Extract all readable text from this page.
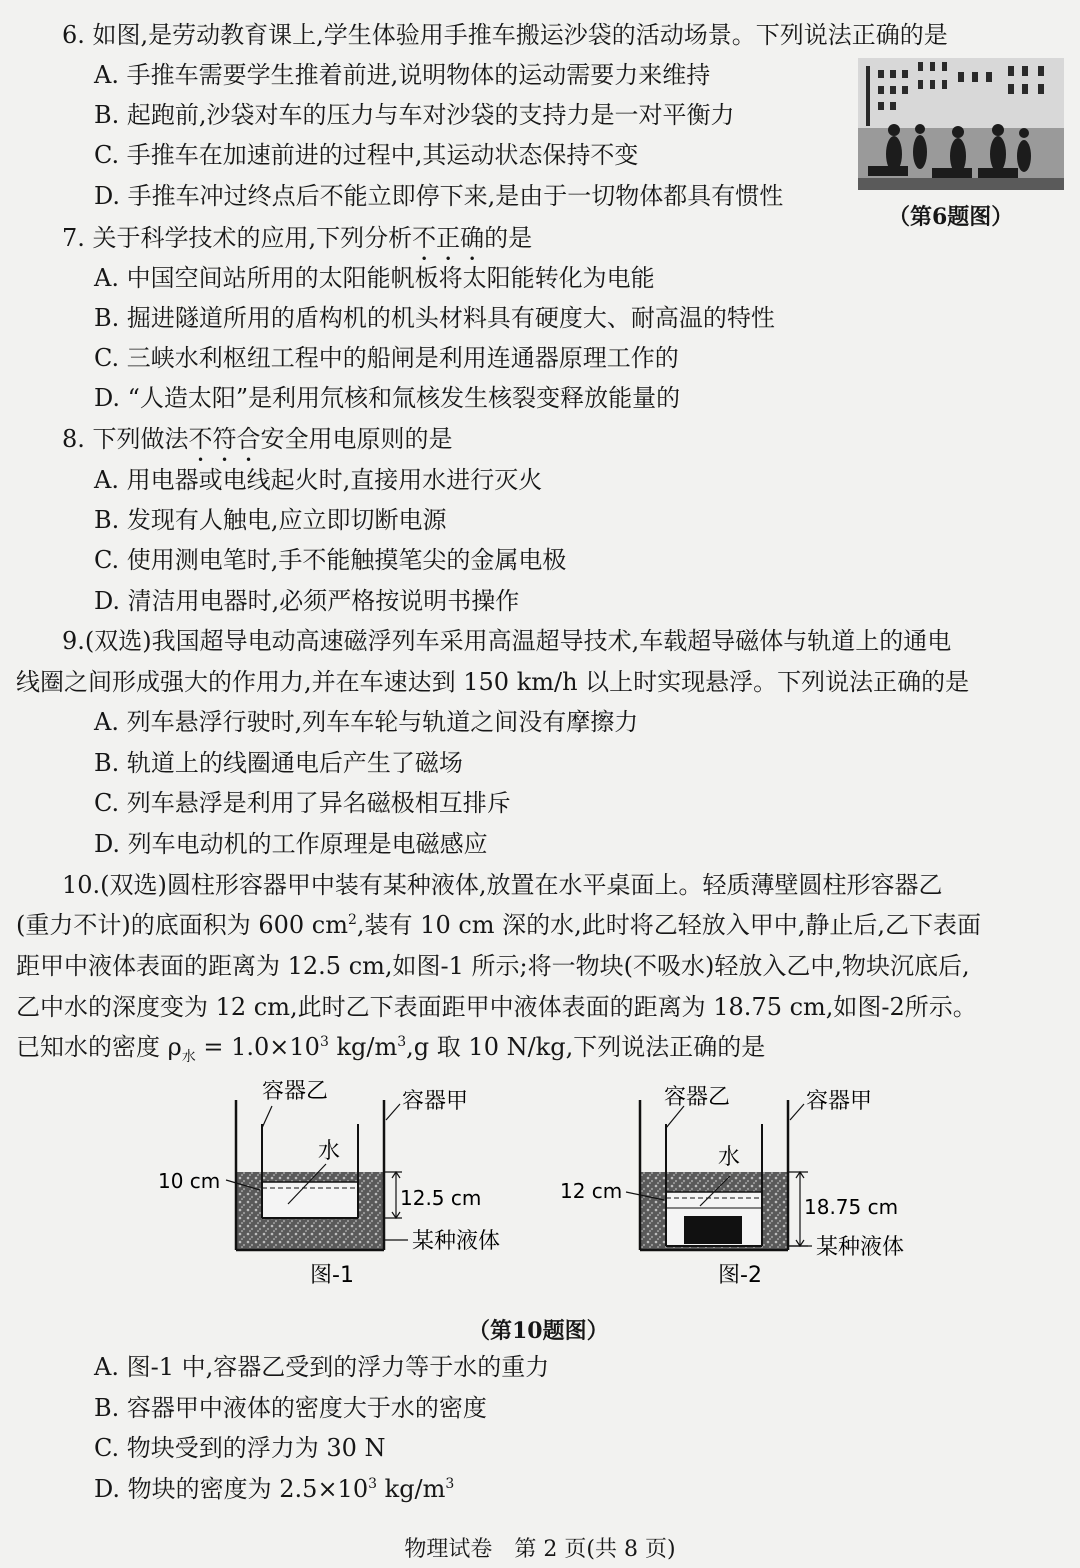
6. 如图,是劳动教育课上,学生体验用手推车搬运沙袋的活动场景。下列说法正确的是
A. 手推车需要学生推着前进,说明物体的运动需要力来维持
B. 起跑前,沙袋对车的压力与车对沙袋的支持力是一对平衡力
C. 手推车在加速前进的过程中,其运动状态保持不变
D. 手推车冲过终点后不能立即停下来,是由于一切物体都具有惯性
（第6题图）
7. 关于科学技术的应用,下列分析不正确的是
A. 中国空间站所用的太阳能帆板将太阳能转化为电能
B. 掘进隧道所用的盾构机的机头材料具有硬度大、耐高温的特性
C. 三峡水利枢纽工程中的船闸是利用连通器原理工作的
D. “人造太阳”是利用氘核和氚核发生核裂变释放能量的
8. 下列做法不符合安全用电原则的是
A. 用电器或电线起火时,直接用水进行灭火
B. 发现有人触电,应立即切断电源
C. 使用测电笔时,手不能触摸笔尖的金属电极
D. 清洁用电器时,必须严格按说明书操作
9.(双选)我国超导电动高速磁浮列车采用高温超导技术,车载超导磁体与轨道上的通电
线圈之间形成强大的作用力,并在车速达到 150 km/h 以上时实现悬浮。下列说法正确的是
A. 列车悬浮行驶时,列车车轮与轨道之间没有摩擦力
B. 轨道上的线圈通电后产生了磁场
C. 列车悬浮是利用了异名磁极相互排斥
D. 列车电动机的工作原理是电磁感应
10.(双选)圆柱形容器甲中装有某种液体,放置在水平桌面上。轻质薄壁圆柱形容器乙
(重力不计)的底面积为 600 $cm^2$,装有 10 cm 深的水,此时将乙轻放入甲中,静止后,乙下表面
距甲中液体表面的距离为 12.5 cm,如图-1 所示;将一物块(不吸水)轻放入乙中,物块沉底后,
乙中水的深度变为 12 cm,此时乙下表面距甲中液体表面的距离为 18.75 cm,如图-2所示。
已知水的密度 $\rho_水 = 1.0\times 10^3$ $kg/m^3,g$ 取 10 N/kg,下列说法正确的是
容器乙	容器甲
水
10 cm
12.5 cm
某种液体
图-1
容器乙	容器甲
水
12 cm
18.75 cm
某种液体
图-2
（第10题图）
A. 图-1 中,容器乙受到的浮力等于水的重力
B. 容器甲中液体的密度大于水的密度
C. 物块受到的浮力为 30 N
D. 物块的密度为 $2.5\times 10^3$ $kg/m^3$
物理试卷　第 2 页(共 8 页)
